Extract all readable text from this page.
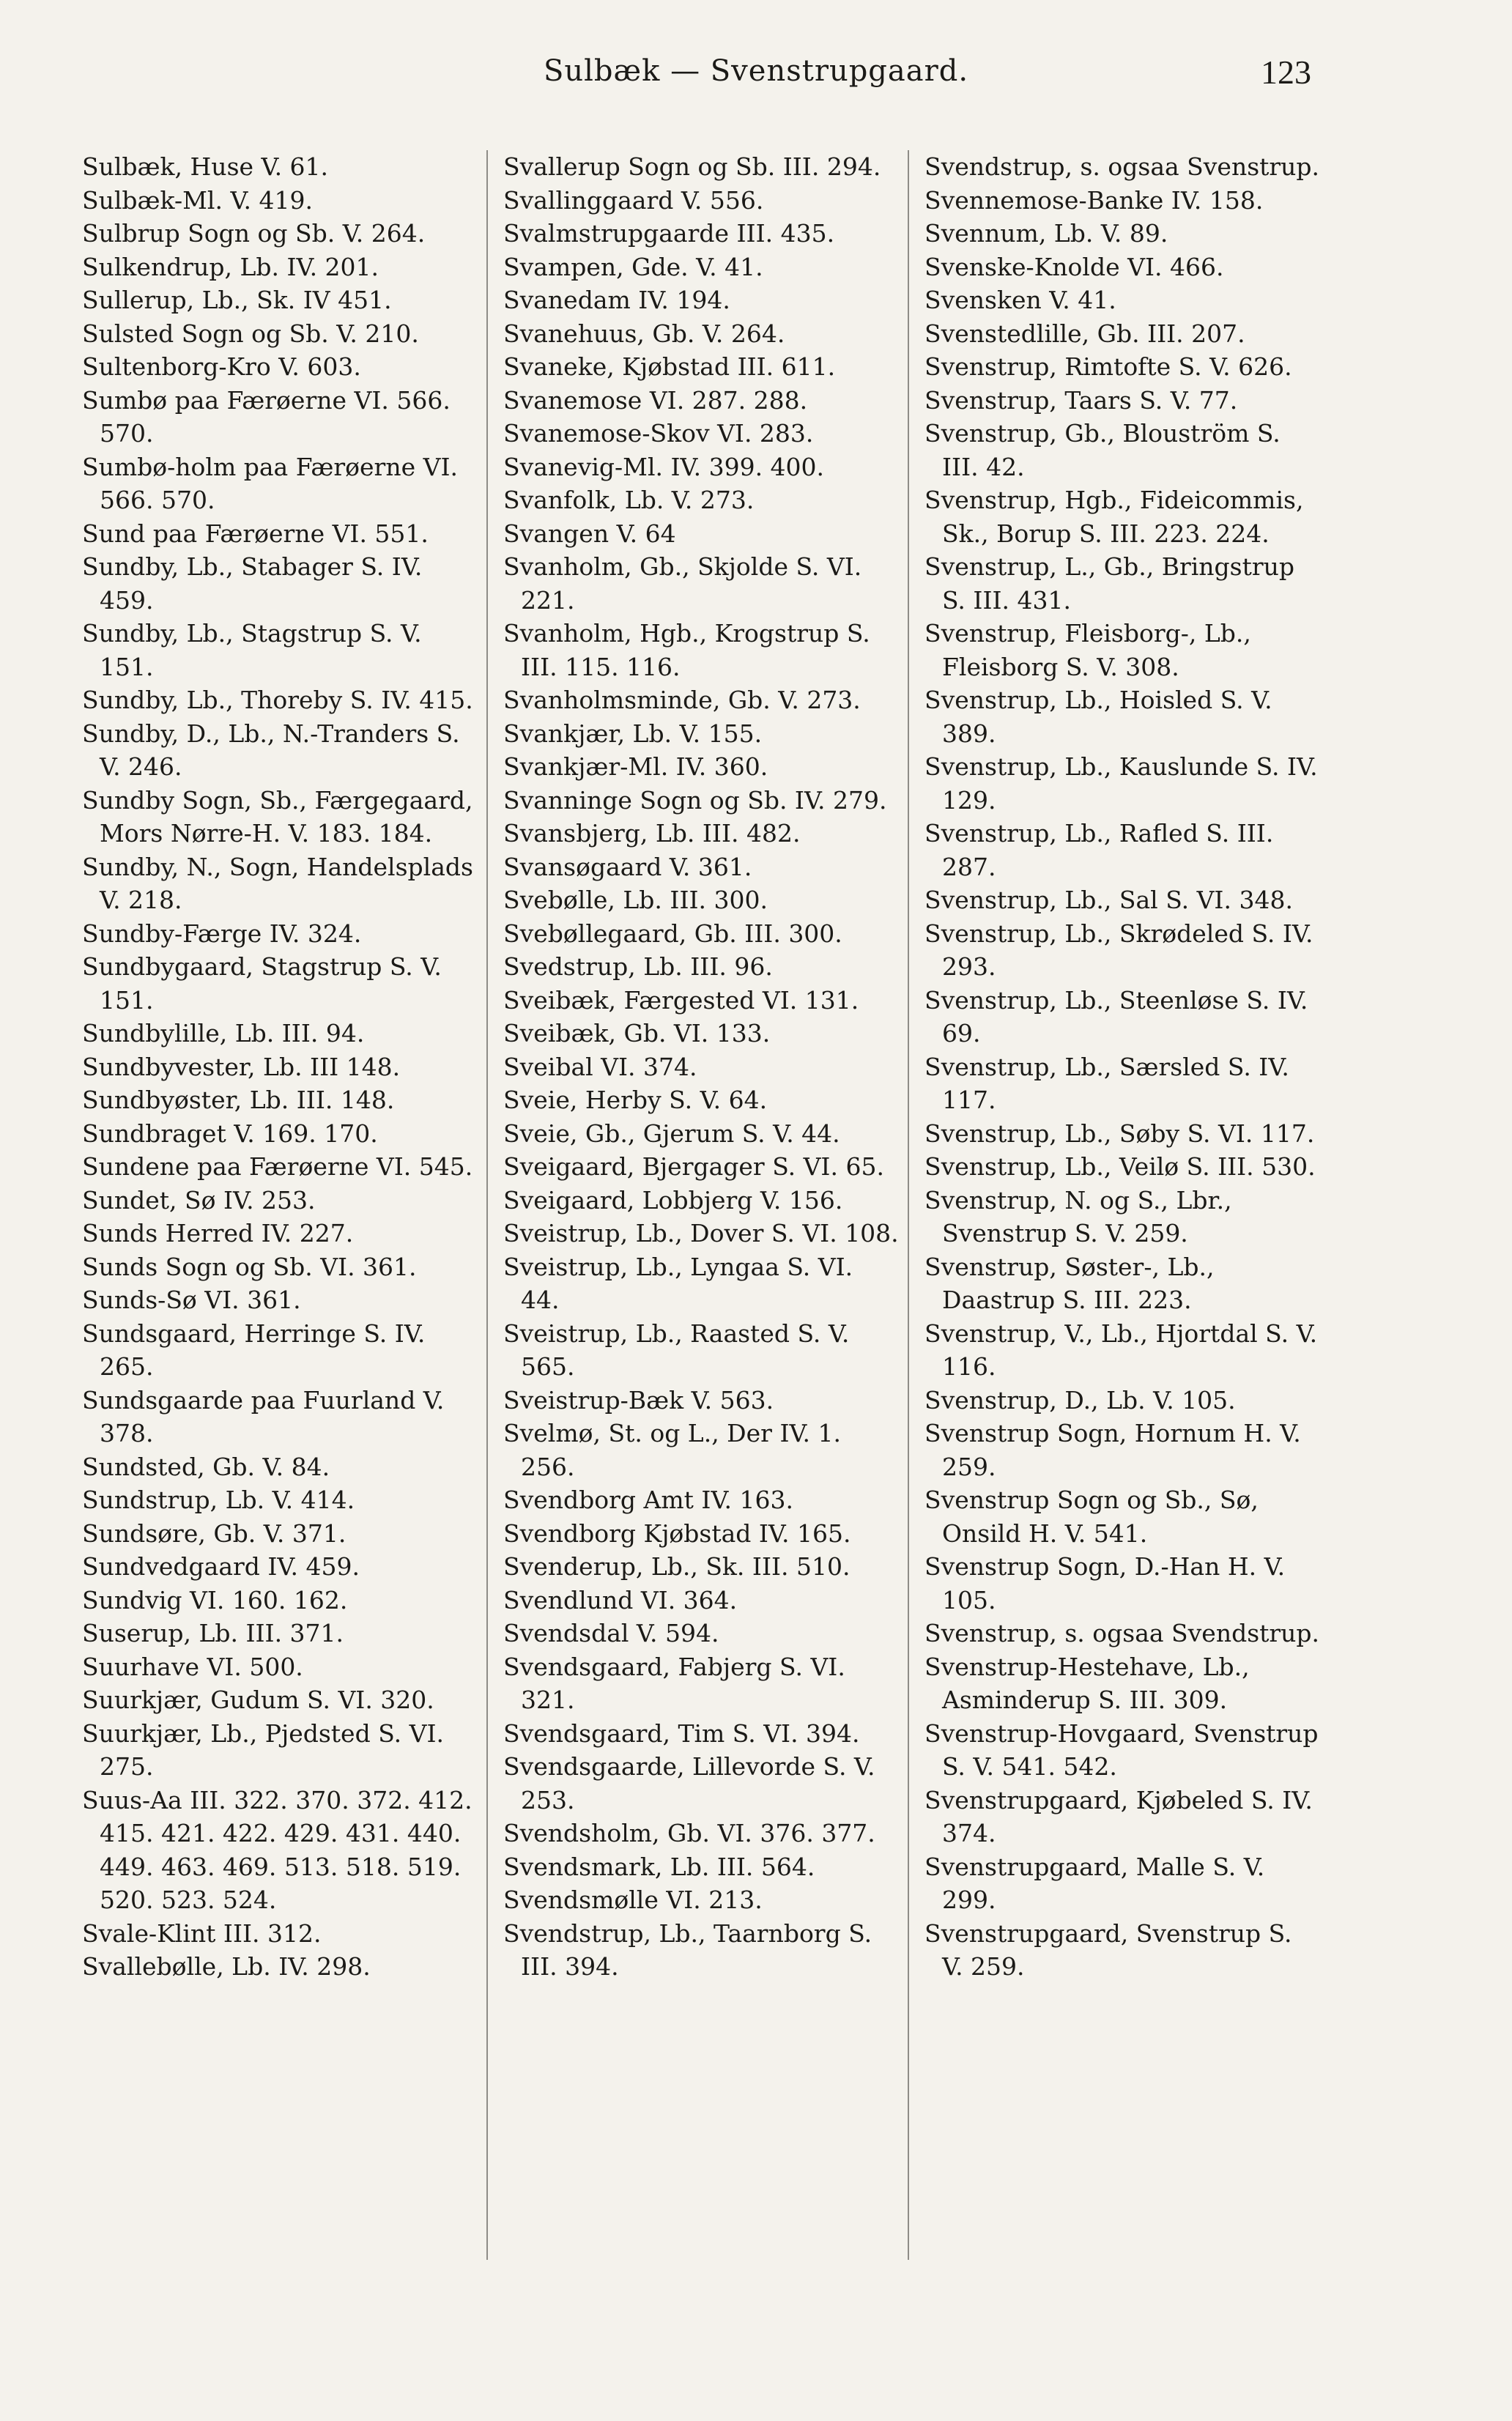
Sulbæk — Svenstrupgaard.	123

Sulbæk, Huse V. 61.

Sulbæk-Ml. V. 419.

Sulbrup Sogn og Sb. V. 264.

Sulkendrup, Lb. IV. 201.

Sullerup, Lb., Sk. IV 451.

Sulsted Sogn og Sb. V. 210.

Sultenborg-Kro V. 603.

Sumbø paa Færøerne VI. 566. 570.

Sumbø-holm paa Færøerne VI. 566. 570.

Sund paa Færøerne VI. 551.

Sundby, Lb., Stabager S. IV. 459.

Sundby, Lb., Stagstrup S. V. 151.

Sundby, Lb., Thoreby S. IV. 415.

Sundby, D., Lb., N.-Tranders S. V. 246.

Sundby Sogn, Sb., Færgegaard, Mors Nørre-H. V. 183. 184.

Sundby, N., Sogn, Handelsplads V. 218.

Sundby-Færge IV. 324.

Sundbygaard, Stagstrup S. V. 151.

Sundbylille, Lb. III. 94.

Sundbyvester, Lb. III 148.

Sundbyøster, Lb. III. 148.

Sundbraget V. 169. 170.

Sundene paa Færøerne VI. 545.

Sundet, Sø IV. 253.

Sunds Herred IV. 227.

Sunds Sogn og Sb. VI. 361.

Sunds-Sø VI. 361.

Sundsgaard, Herringe S. IV. 265.

Sundsgaarde paa Fuurland V. 378.

Sundsted, Gb. V. 84.

Sundstrup, Lb. V. 414.

Sundsøre, Gb. V. 371.

Sundvedgaard IV. 459.

Sundvig VI. 160. 162.

Suserup, Lb. III. 371.

Suurhave VI. 500.

Suurkjær, Gudum S. VI. 320.

Suurkjær, Lb., Pjedsted S. VI. 275.

Suus-Aa III. 322. 370. 372. 412. 415. 421. 422. 429. 431. 440. 449. 463. 469. 513. 518. 519. 520. 523. 524.

Svale-Klint III. 312.

Svallebølle, Lb. IV. 298.

Svallerup Sogn og Sb. III. 294.

Svallinggaard V. 556.

Svalmstrupgaarde III. 435.

Svampen, Gde. V. 41.

Svanedam IV. 194.

Svanehuus, Gb. V. 264.

Svanekе, Kjøbstad III. 611.

Svanemose VI. 287. 288.

Svanemose-Skov VI. 283.

Svanevig-Ml. IV. 399. 400.

Svanfolk, Lb. V. 273.

Svangen V. 64

Svanholm, Gb., Skjolde S. VI. 221.

Svanholm, Hgb., Krogstrup S. III. 115. 116.

Svanholmsminde, Gb. V. 273.

Svankjær, Lb. V. 155.

Svankjær-Ml. IV. 360.

Svanninge Sogn og Sb. IV. 279.

Svansbjerg, Lb. III. 482.

Svansøgaard V. 361.

Svebølle, Lb. III. 300.

Svebøllegaard, Gb. III. 300.

Svedstrup, Lb. III. 96.

Sveibæk, Færgested VI. 131.

Sveibæk, Gb. VI. 133.

Sveibal VI. 374.

Sveie, Herby S. V. 64.

Sveie, Gb., Gjerum S. V. 44.

Sveigaard, Bjergager S. VI. 65.

Sveigaard, Lobbjerg V. 156.

Sveistrup, Lb., Dover S. VI. 108.

Sveistrup, Lb., Lyngaa S. VI. 44.

Sveistrup, Lb., Raasted S. V. 565.

Sveistrup-Bæk V. 563.

Svelmø, St. og L., Der IV. 1. 256.

Svendborg Amt IV. 163.

Svendborg Kjøbstad IV. 165.

Svenderup, Lb., Sk. III. 510.

Svendlund VI. 364.

Svendsdal V. 594.

Svendsgaard, Fabjerg S. VI. 321.

Svendsgaard, Tim S. VI. 394.

Svendsgaarde, Lillevorde S. V. 253.

Svendsholm, Gb. VI. 376. 377.

Svendsmark, Lb. III. 564.

Svendsmølle VI. 213.

Svendstrup, Lb., Taarnborg S. III. 394.

Svendstrup, s. ogsaa Svenstrup.

Svennemose-Banke IV. 158.

Svennum, Lb. V. 89.

Svenske-Knolde VI. 466.

Svensken V. 41.

Svenstedlille, Gb. III. 207.

Svenstrup, Rimtofte S. V. 626.

Svenstrup, Taars S. V. 77.

Svenstrup, Gb., Blouström S. III. 42.

Svenstrup, Hgb., Fideicommis, Sk., Borup S. III. 223. 224.

Svenstrup, L., Gb., Bringstrup S. III. 431.

Svenstrup, Fleisborg-, Lb., Fleisborg S. V. 308.

Svenstrup, Lb., Hoisled S. V. 389.

Svenstrup, Lb., Kauslunde S. IV. 129.

Svenstrup, Lb., Rafled S. III. 287.

Svenstrup, Lb., Sal S. VI. 348.

Svenstrup, Lb., Skrødeled S. IV. 293.

Svenstrup, Lb., Steenløse S. IV. 69.

Svenstrup, Lb., Særsled S. IV. 117.

Svenstrup, Lb., Søby S. VI. 117.

Svenstrup, Lb., Veilø S. III. 530.

Svenstrup, N. og S., Lbr., Svenstrup S. V. 259.

Svenstrup, Søster-, Lb., Daastrup S. III. 223.

Svenstrup, V., Lb., Hjortdal S. V. 116.

Svenstrup, D., Lb. V. 105.

Svenstrup Sogn, Hornum H. V. 259.

Svenstrup Sogn og Sb., Sø, Onsild H. V. 541.

Svenstrup Sogn, D.-Han H. V. 105.

Svenstrup, s. ogsaa Svendstrup.

Svenstrup-Hestehave, Lb., Asminderup S. III. 309.

Svenstrup-Hovgaard, Svenstrup S. V. 541. 542.

Svenstrupgaard, Kjøbeled S. IV. 374.

Svenstrupgaard, Malle S. V. 299.

Svenstrupgaard, Svenstrup S. V. 259.
